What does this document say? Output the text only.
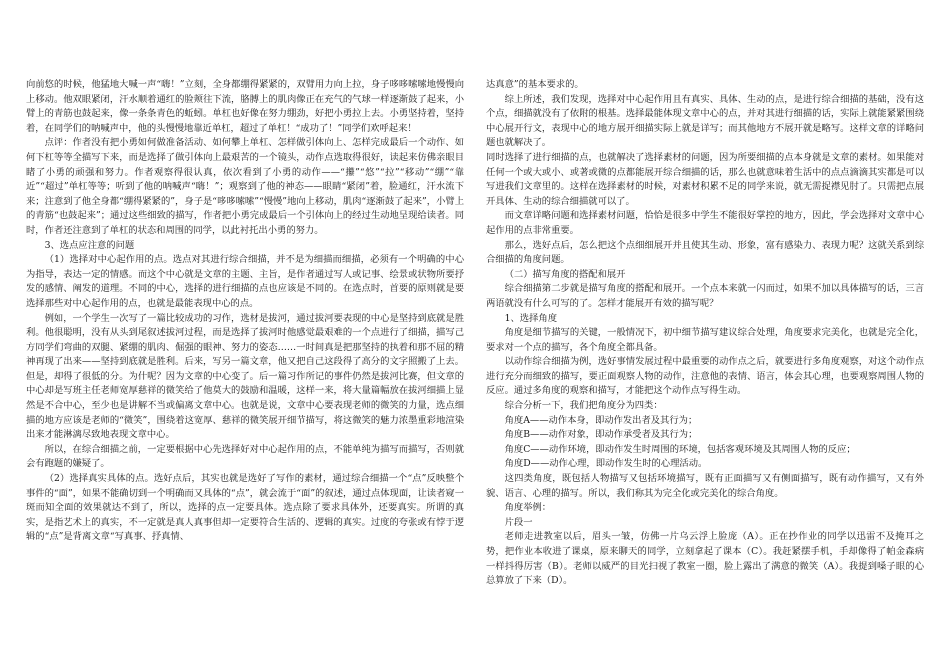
向前悠的时候，他猛地大喊一声“嗨！”立刻，全身都绷得紧紧的，双臂用力向上拉，身子哆哆嗦嗦地慢慢向上移动。他双眼紧闭，汗水顺着通红的脸颊往下流，胳膊上的肌肉像正在充气的气球一样逐渐鼓了起来，小臂上的青筋也鼓起来，像一条条青色的蚯蚓。单杠也好像在努力绷劲，好把小勇拉上去。小勇坚持着，坚持着，在同学们的呐喊声中，他的头慢慢地靠近单杠，超过了单杠！“成功了！”同学们欢呼起来！

点评：作者没有把小勇如何做准备活动、如何攀上单杠、怎样做引体向上、怎样完成最后一个动作、如何下杠等等全描写下来，而是选择了做引体向上最艰苦的一个镜头，动作点选取得很好，读起来仿佛亲眼目睹了小勇的顽强和努力。作者观察得很认真，依次看到了小勇的动作——“攥”“悠”“拉”“移动”“绷”“靠近”“超过”单杠等等；听到了他的呐喊声“嗨！”；观察到了他的神态——眼睛“紧闭”着，脸通红，汗水流下来；注意到了他全身都“绷得紧紧的”，身子是“哆哆嗦嗦”“慢慢”地向上移动，肌肉“逐渐鼓了起来”，小臂上的青筋“也鼓起来”；通过这些细致的描写，作者把小勇完成最后一个引体向上的经过生动地呈现给读者。同时，作者还注意到了单杠的状态和周围的同学，以此衬托出小勇的努力。

3、选点应注意的问题

（1）选择对中心起作用的点。选点对其进行综合细描，并不是为细描而细描，必须有一个明确的中心为指导，表达一定的情感。而这个中心就是文章的主题、主旨，是作者通过写人或记事、绘景或状物所要抒发的感情、阐发的道理。不同的中心，选择的进行细描的点也应该是不同的。在选点时，首要的原则就是要选择那些对中心起作用的点，也就是最能表现中心的点。

例如，一个学生一次写了一篇比较成功的习作，选材是拔河，通过拔河要表现的中心是坚持到底就是胜利。他很聪明，没有从头到尾叙述拔河过程，而是选择了拔河时他感觉最艰难的一个点进行了细描，描写己方同学们弯曲的双腿、紧绷的肌肉、倔强的眼神、努力的姿态……一时间真是把那坚持的执着和那不屈的精神再现了出来——坚持到底就是胜利。后来，写另一篇文章，他又把自己这段得了高分的文字照搬了上去。但是，却得了很低的分。为什呢？因为文章的中心变了。后一篇习作所记的事件仍然是拔河比赛，但文章的中心却是写班主任老师宽厚慈祥的微笑给了他莫大的鼓励和温暖，这样一来，将大量篇幅放在拔河细描上显然是不合中心，至少也是讲解不当或偏离文章中心。也就是说，文章中心要表现老师的微笑的力量，选点细描的地方应该是老师的“微笑”，围绕着这宽厚、慈祥的微笑展开细节描写，将这微笑的魅力浓墨重彩地渲染出来才能淋漓尽致地表现文章中心。

所以，在综合细描之前，一定要根据中心先选择好对中心起作用的点，不能单纯为描写而描写，否则就会有跑题的嫌疑了。

（2）选择真实具体的点。选好点后，其实也就是选好了写作的素材，通过综合细描一个“点”反映整个事件的“面”，如果不能确切到一个明确而又具体的“点”，就会流于“面”的叙述，通过点体现面，让读者窥一斑而知全面的效果就达不到了，所以，选择的点一定要具体。选点除了要求具体外，还要真实。所谓的真实，是指艺术上的真实，不一定就是真人真事但却一定要符合生活的、逻辑的真实。过度的夸张或有悖于逻辑的“点”是背离文章“写真事、抒真情、

达真意”的基本要求的。

综上所述，我们发现，选择对中心起作用且有真实、具体、生动的点，是进行综合细描的基础，没有这个点，细描就没有了依附的根基。选择最能体现文章中心的点，并对其进行细描的话，实际上就能紧紧围绕中心展开行文，表现中心的地方展开细描实际上就是详写；而其他地方不展开就是略写。这样文章的详略问题也就解决了。

同时选择了进行细描的点，也就解决了选择素材的问题，因为所要细描的点本身就是文章的素材。如果能对任何一个或大或小、或著或微的点都能展开综合细描的话，那么也就意味着生活中的点点滴滴其实都是可以写进我们文章里的。这样在选择素材的时候，对素材积累不足的同学来说，就无需捉襟见肘了。只需把点展开具体、生动的综合细描就可以了。

而文章详略问题和选择素材问题，恰恰是很多中学生不能很好掌控的地方，因此，学会选择对文章中心起作用的点非常重要。

那么，选好点后，怎么把这个点细细展开并且使其生动、形象，富有感染力、表现力呢？这就关系到综合细描的角度问题。

（二）描写角度的搭配和展开

综合细描第二步就是描写角度的搭配和展开。一个点本来就一闪而过，如果不加以具体描写的话，三言两语就没有什么可写的了。怎样才能展开有效的描写呢？

1、选择角度

角度是细节描写的关键，一般情况下，初中细节描写建议综合处理，角度要求完美化，也就是完全化，要求对一个点的描写，各个角度全都具备。

以动作综合细描为例，选好事情发展过程中最重要的动作点之后，就要进行多角度观察，对这个动作点进行充分而细致的描写，要正面观察人物的动作，注意他的表情、语言，体会其心理，也要观察周围人物的反应。通过多角度的观察和描写，才能把这个动作点写得生动。

综合分析一下，我们把角度分为四类：

角度A——动作本身，即动作发出者及其行为；

角度B——动作对象，即动作承受者及其行为；

角度C——动作环境，即动作发生时周围的环境，包括客观环境及其周围人物的反应；

角度D——动作心理，即动作发生时的心理活动。

这四类角度，既包括人物描写又包括环境描写，既有正面描写又有侧面描写，既有动作描写，又有外貌、语言、心理的描写。所以，我们称其为完全化或完美化的综合角度。

角度举例：

片段一

老师走进教室以后，眉头一皱，仿佛一片乌云浮上脸庞（A）。正在抄作业的同学以迅雷不及掩耳之势，把作业本收进了课桌，原来聊天的同学，立刻拿起了课本（C）。我赶紧摆手机，手却像得了帕金森病一样抖得厉害（B）。老师以威严的目光扫视了教室一圈，脸上露出了满意的微笑（A）。我提到嗓子眼的心总算放了下来（D）。
